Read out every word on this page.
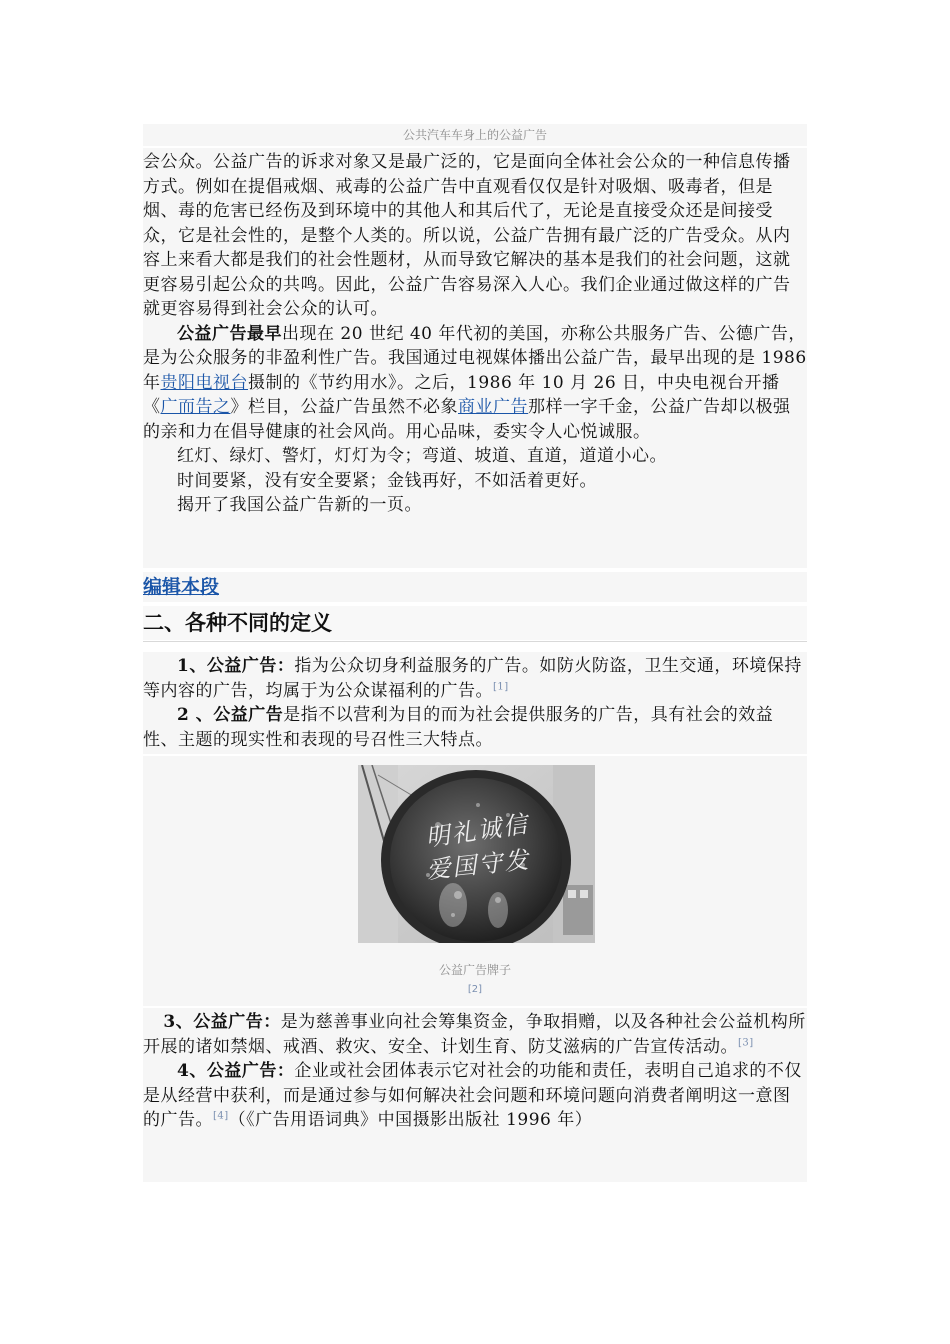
公共汽车车身上的公益广告

会公众。公益广告的诉求对象又是最广泛的，它是面向全体社会公众的一种信息传播方式。例如在提倡戒烟、戒毒的公益广告中直观看仅仅是针对吸烟、吸毒者，但是烟、毒的危害已经伤及到环境中的其他人和其后代了，无论是直接受众还是间接受众，它是社会性的，是整个人类的。所以说，公益广告拥有最广泛的广告受众。从内容上来看大都是我们的社会性题材，从而导致它解决的基本是我们的社会问题，这就更容易引起公众的共鸣。因此，公益广告容易深入人心。我们企业通过做这样的广告就更容易得到社会公众的认可。

公益广告最早出现在 20 世纪 40 年代初的美国，亦称公共服务广告、公德广告，是为公众服务的非盈利性广告。我国通过电视媒体播出公益广告，最早出现的是 1986 年贵阳电视台摄制的《节约用水》。之后，1986 年 10 月 26 日，中央电视台开播《广而告之》栏目，公益广告虽然不必象商业广告那样一字千金，公益广告却以极强的亲和力在倡导健康的社会风尚。用心品味，委实令人心悦诚服。

红灯、绿灯、警灯，灯灯为令；弯道、坡道、直道，道道小心。

时间要紧，没有安全要紧；金钱再好，不如活着更好。

揭开了我国公益广告新的一页。

编辑本段
二、各种不同的定义

1、公益广告：指为公众切身利益服务的广告。如防火防盗，卫生交通，环境保持等内容的广告，均属于为公众谋福利的广告。[1]

2 、公益广告是指不以营利为目的而为社会提供服务的广告，具有社会的效益性、主题的现实性和表现的号召性三大特点。

明礼诚信
爱国守发
公益广告牌子
[2]

3、公益广告：是为慈善事业向社会筹集资金，争取捐赠，以及各种社会公益机构所开展的诸如禁烟、戒酒、救灾、安全、计划生育、防艾滋病的广告宣传活动。[3]

4、公益广告：企业或社会团体表示它对社会的功能和责任，表明自己追求的不仅是从经营中获利，而是通过参与如何解决社会问题和环境问题向消费者阐明这一意图的广告。[4]（《广告用语词典》中国摄影出版社 1996 年）
